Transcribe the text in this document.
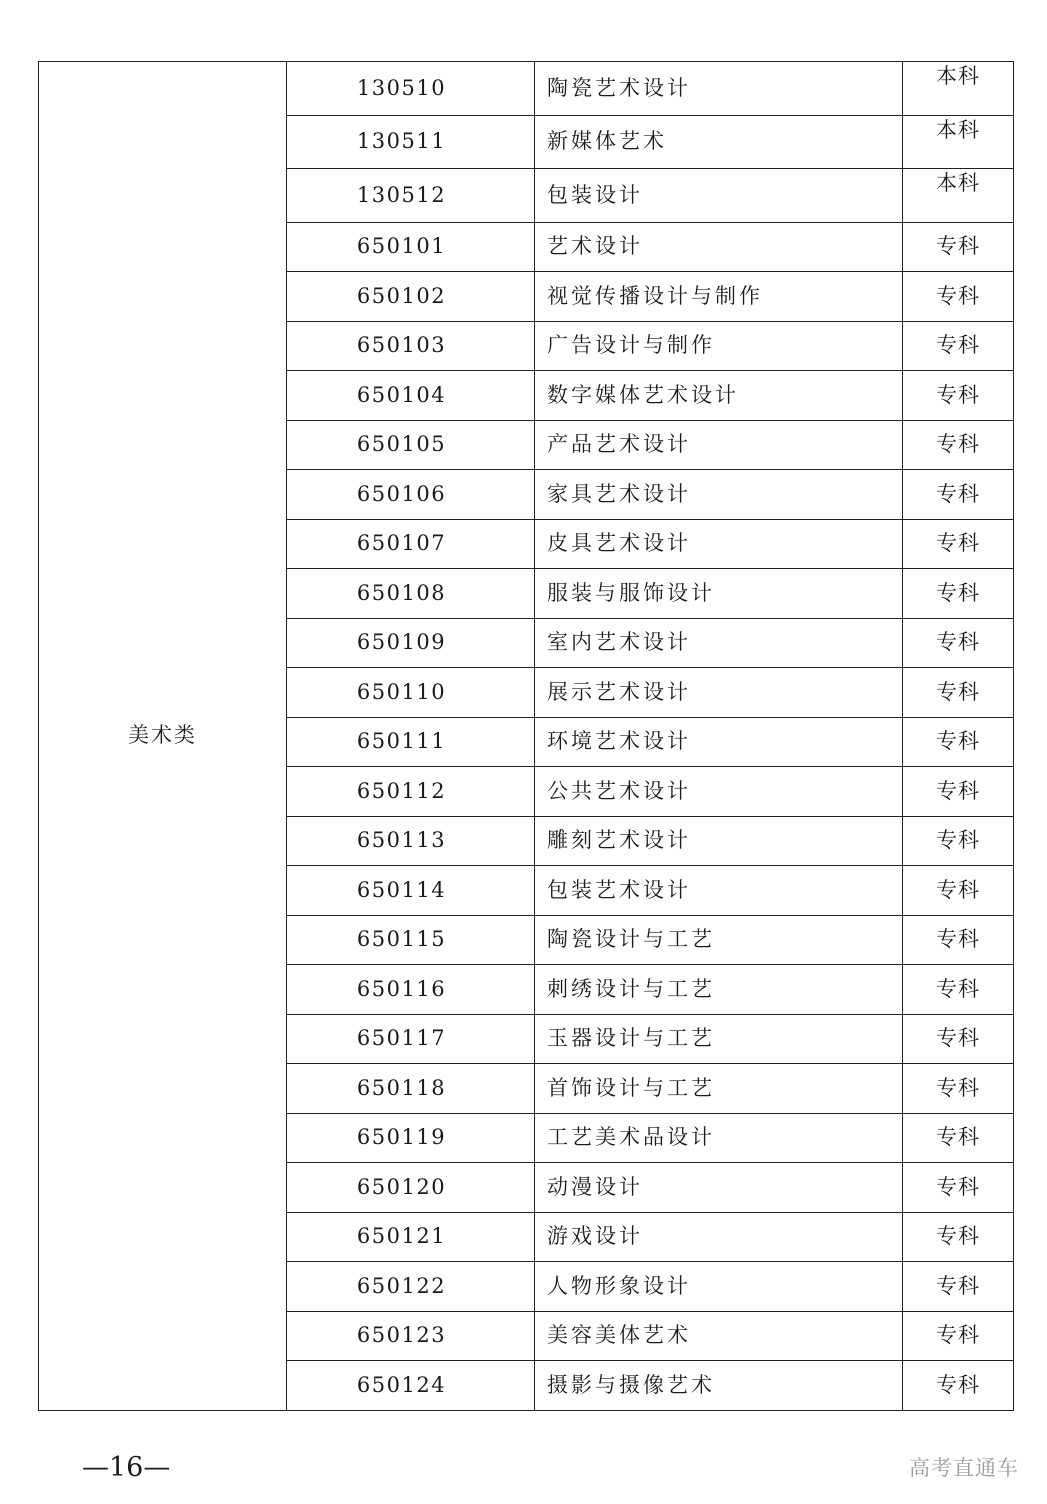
美术类	130510	陶瓷艺术设计	本科
	130511	新媒体艺术	本科
	130512	包装设计	本科
	650101	艺术设计	专科
	650102	视觉传播设计与制作	专科
	650103	广告设计与制作	专科
	650104	数字媒体艺术设计	专科
	650105	产品艺术设计	专科
	650106	家具艺术设计	专科
	650107	皮具艺术设计	专科
	650108	服装与服饰设计	专科
	650109	室内艺术设计	专科
	650110	展示艺术设计	专科
	650111	环境艺术设计	专科
	650112	公共艺术设计	专科
	650113	雕刻艺术设计	专科
	650114	包装艺术设计	专科
	650115	陶瓷设计与工艺	专科
	650116	刺绣设计与工艺	专科
	650117	玉器设计与工艺	专科
	650118	首饰设计与工艺	专科
	650119	工艺美术品设计	专科
	650120	动漫设计	专科
	650121	游戏设计	专科
	650122	人物形象设计	专科
	650123	美容美体艺术	专科
	650124	摄影与摄像艺术	专科
—16—	高考直通车
